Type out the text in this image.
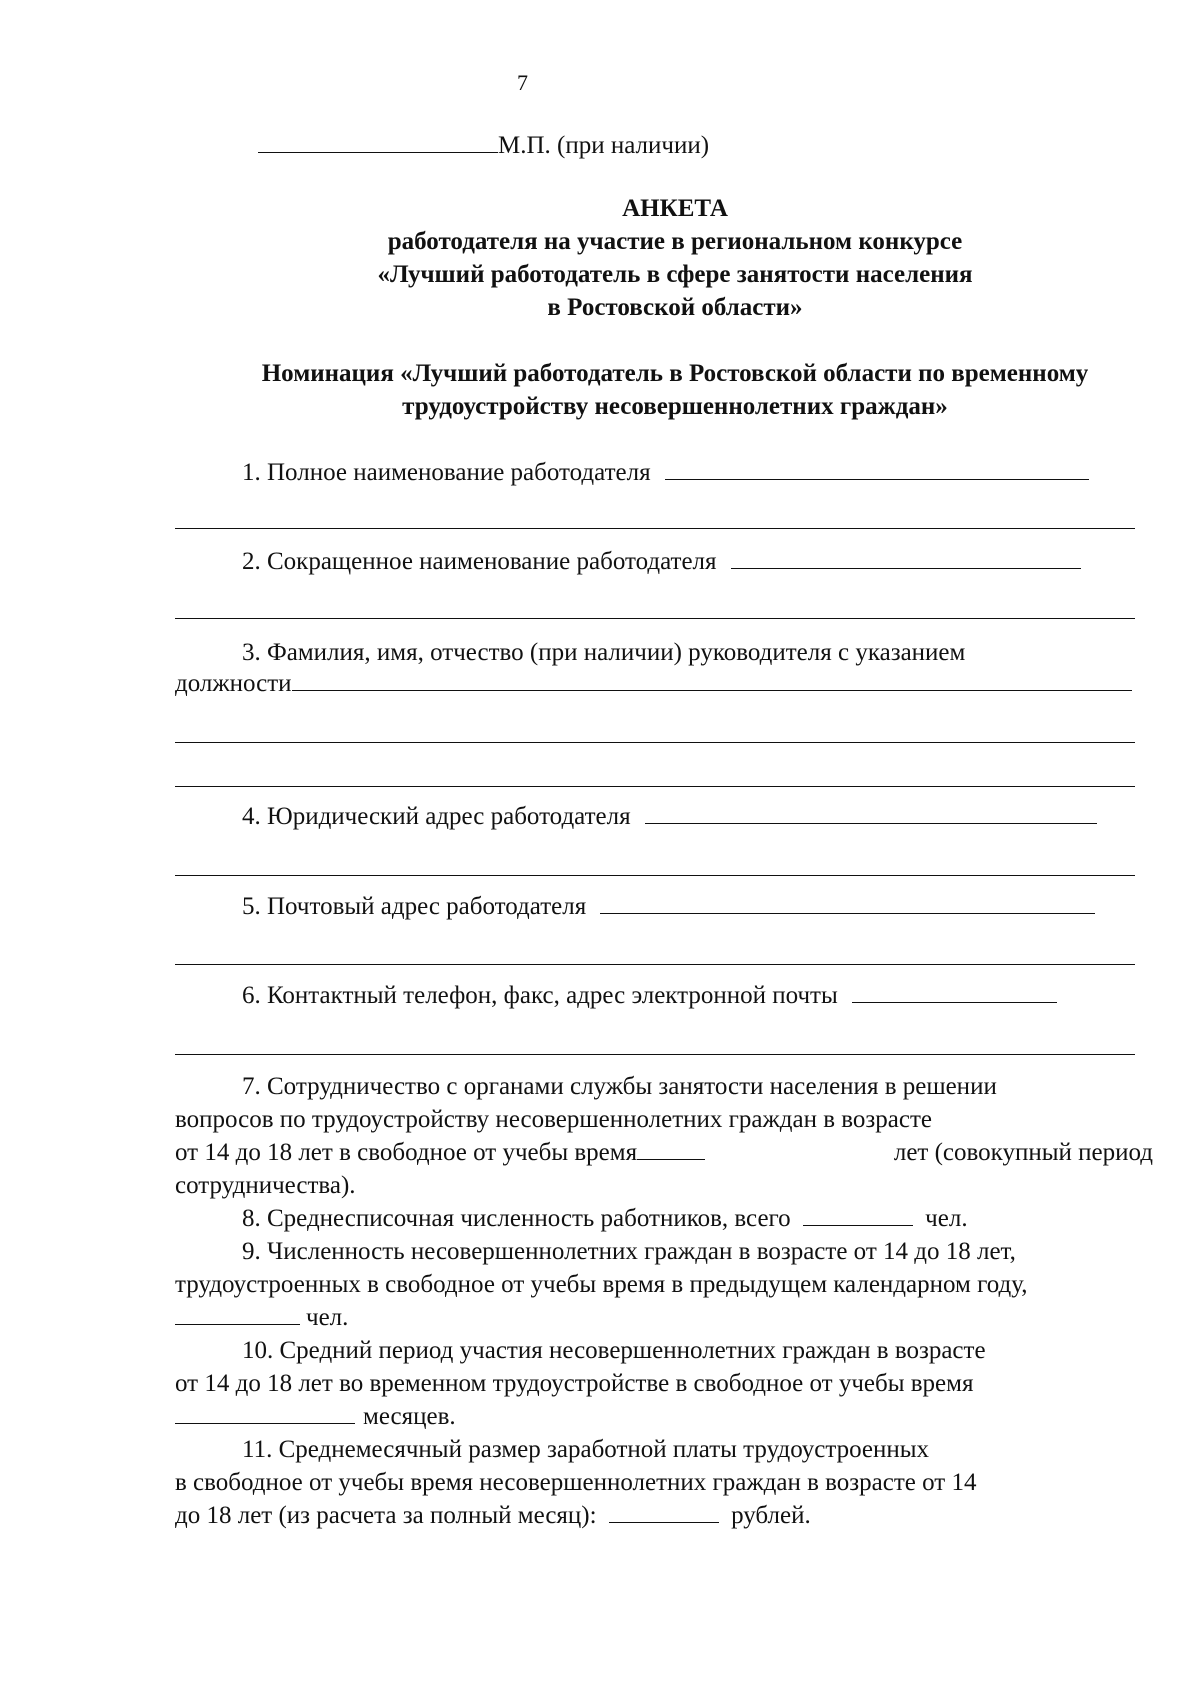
7
М.П. (при наличии)
АНКЕТА
работодателя на участие в региональном конкурсе
«Лучший работодатель в сфере занятости населения
в Ростовской области»
Номинация «Лучший работодатель в Ростовской области по временному
трудоустройству несовершеннолетних граждан»
1. Полное наименование работодателя
2. Сокращенное наименование работодателя
3. Фамилия, имя, отчество (при наличии) руководителя с указанием
должности
4. Юридический адрес работодателя
5. Почтовый адрес работодателя
6. Контактный телефон, факс, адрес электронной почты
7. Сотрудничество с органами службы занятости населения в решении
вопросов по трудоустройству несовершеннолетних граждан в возрасте
от 14 до 18 лет в свободное от учебы время	лет (совокупный период
сотрудничества).
8. Среднесписочная численность работников, всего	чел.
9. Численность несовершеннолетних граждан в возрасте от 14 до 18 лет,
трудоустроенных в свободное от учебы время в предыдущем календарном году,
чел.
10. Средний период участия несовершеннолетних граждан в возрасте
от 14 до 18 лет во временном трудоустройстве в свободное от учебы время
месяцев.
11. Среднемесячный размер заработной платы трудоустроенных
в свободное от учебы время несовершеннолетних граждан в возрасте от 14
до 18 лет (из расчета за полный месяц):	рублей.
